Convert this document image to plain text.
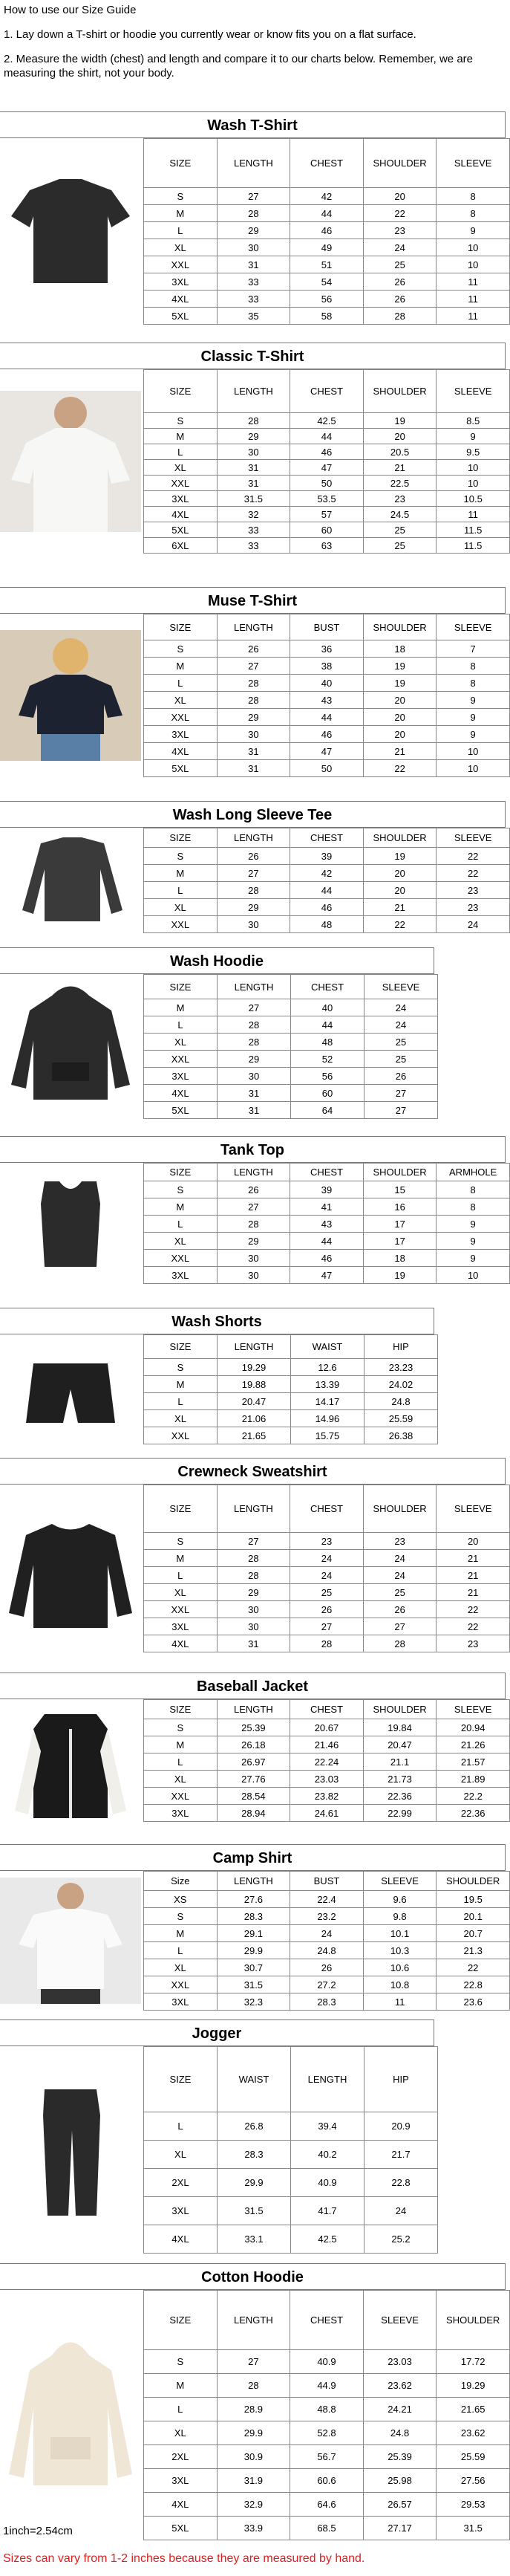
How to use our Size Guide

1. Lay down a T-shirt or hoodie you currently wear or know fits you on a flat surface.

2. Measure the width (chest) and length and compare it to our charts below. Remember, we are measuring the shirt, not your body.

Wash T-Shirt
SIZE	LENGTH	CHEST	SHOULDER	SLEEVE
S	27	42	20	8
M	28	44	22	8
L	29	46	23	9
XL	30	49	24	10
XXL	31	51	25	10
3XL	33	54	26	11
4XL	33	56	26	11
5XL	35	58	28	11
Classic T-Shirt
SIZE	LENGTH	CHEST	SHOULDER	SLEEVE
S	28	42.5	19	8.5
M	29	44	20	9
L	30	46	20.5	9.5
XL	31	47	21	10
XXL	31	50	22.5	10
3XL	31.5	53.5	23	10.5
4XL	32	57	24.5	11
5XL	33	60	25	11.5
6XL	33	63	25	11.5
Muse T-Shirt
SIZE	LENGTH	BUST	SHOULDER	SLEEVE
S	26	36	18	7
M	27	38	19	8
L	28	40	19	8
XL	28	43	20	9
XXL	29	44	20	9
3XL	30	46	20	9
4XL	31	47	21	10
5XL	31	50	22	10
Wash Long Sleeve Tee
SIZE	LENGTH	CHEST	SHOULDER	SLEEVE
S	26	39	19	22
M	27	42	20	22
L	28	44	20	23
XL	29	46	21	23
XXL	30	48	22	24
Wash Hoodie
SIZE	LENGTH	CHEST	SLEEVE
M	27	40	24
L	28	44	24
XL	28	48	25
XXL	29	52	25
3XL	30	56	26
4XL	31	60	27
5XL	31	64	27
Tank Top
SIZE	LENGTH	CHEST	SHOULDER	ARMHOLE
S	26	39	15	8
M	27	41	16	8
L	28	43	17	9
XL	29	44	17	9
XXL	30	46	18	9
3XL	30	47	19	10
Wash Shorts
SIZE	LENGTH	WAIST	HIP
S	19.29	12.6	23.23
M	19.88	13.39	24.02
L	20.47	14.17	24.8
XL	21.06	14.96	25.59
XXL	21.65	15.75	26.38
Crewneck Sweatshirt
SIZE	LENGTH	CHEST	SHOULDER	SLEEVE
S	27	23	23	20
M	28	24	24	21
L	28	24	24	21
XL	29	25	25	21
XXL	30	26	26	22
3XL	30	27	27	22
4XL	31	28	28	23
Baseball Jacket
SIZE	LENGTH	CHEST	SHOULDER	SLEEVE
S	25.39	20.67	19.84	20.94
M	26.18	21.46	20.47	21.26
L	26.97	22.24	21.1	21.57
XL	27.76	23.03	21.73	21.89
XXL	28.54	23.82	22.36	22.2
3XL	28.94	24.61	22.99	22.36
Camp Shirt
Size	LENGTH	BUST	SLEEVE	SHOULDER
XS	27.6	22.4	9.6	19.5
S	28.3	23.2	9.8	20.1
M	29.1	24	10.1	20.7
L	29.9	24.8	10.3	21.3
XL	30.7	26	10.6	22
XXL	31.5	27.2	10.8	22.8
3XL	32.3	28.3	11	23.6
Jogger
SIZE	WAIST	LENGTH	HIP
L	26.8	39.4	20.9
XL	28.3	40.2	21.7
2XL	29.9	40.9	22.8
3XL	31.5	41.7	24
4XL	33.1	42.5	25.2
Cotton Hoodie
SIZE	LENGTH	CHEST	SLEEVE	SHOULDER
S	27	40.9	23.03	17.72
M	28	44.9	23.62	19.29
L	28.9	48.8	24.21	21.65
XL	29.9	52.8	24.8	23.62
2XL	30.9	56.7	25.39	25.59
3XL	31.9	60.6	25.98	27.56
4XL	32.9	64.6	26.57	29.53
5XL	33.9	68.5	27.17	31.5
1inch=2.54cm
Sizes can vary from 1-2 inches because they are measured by hand.
